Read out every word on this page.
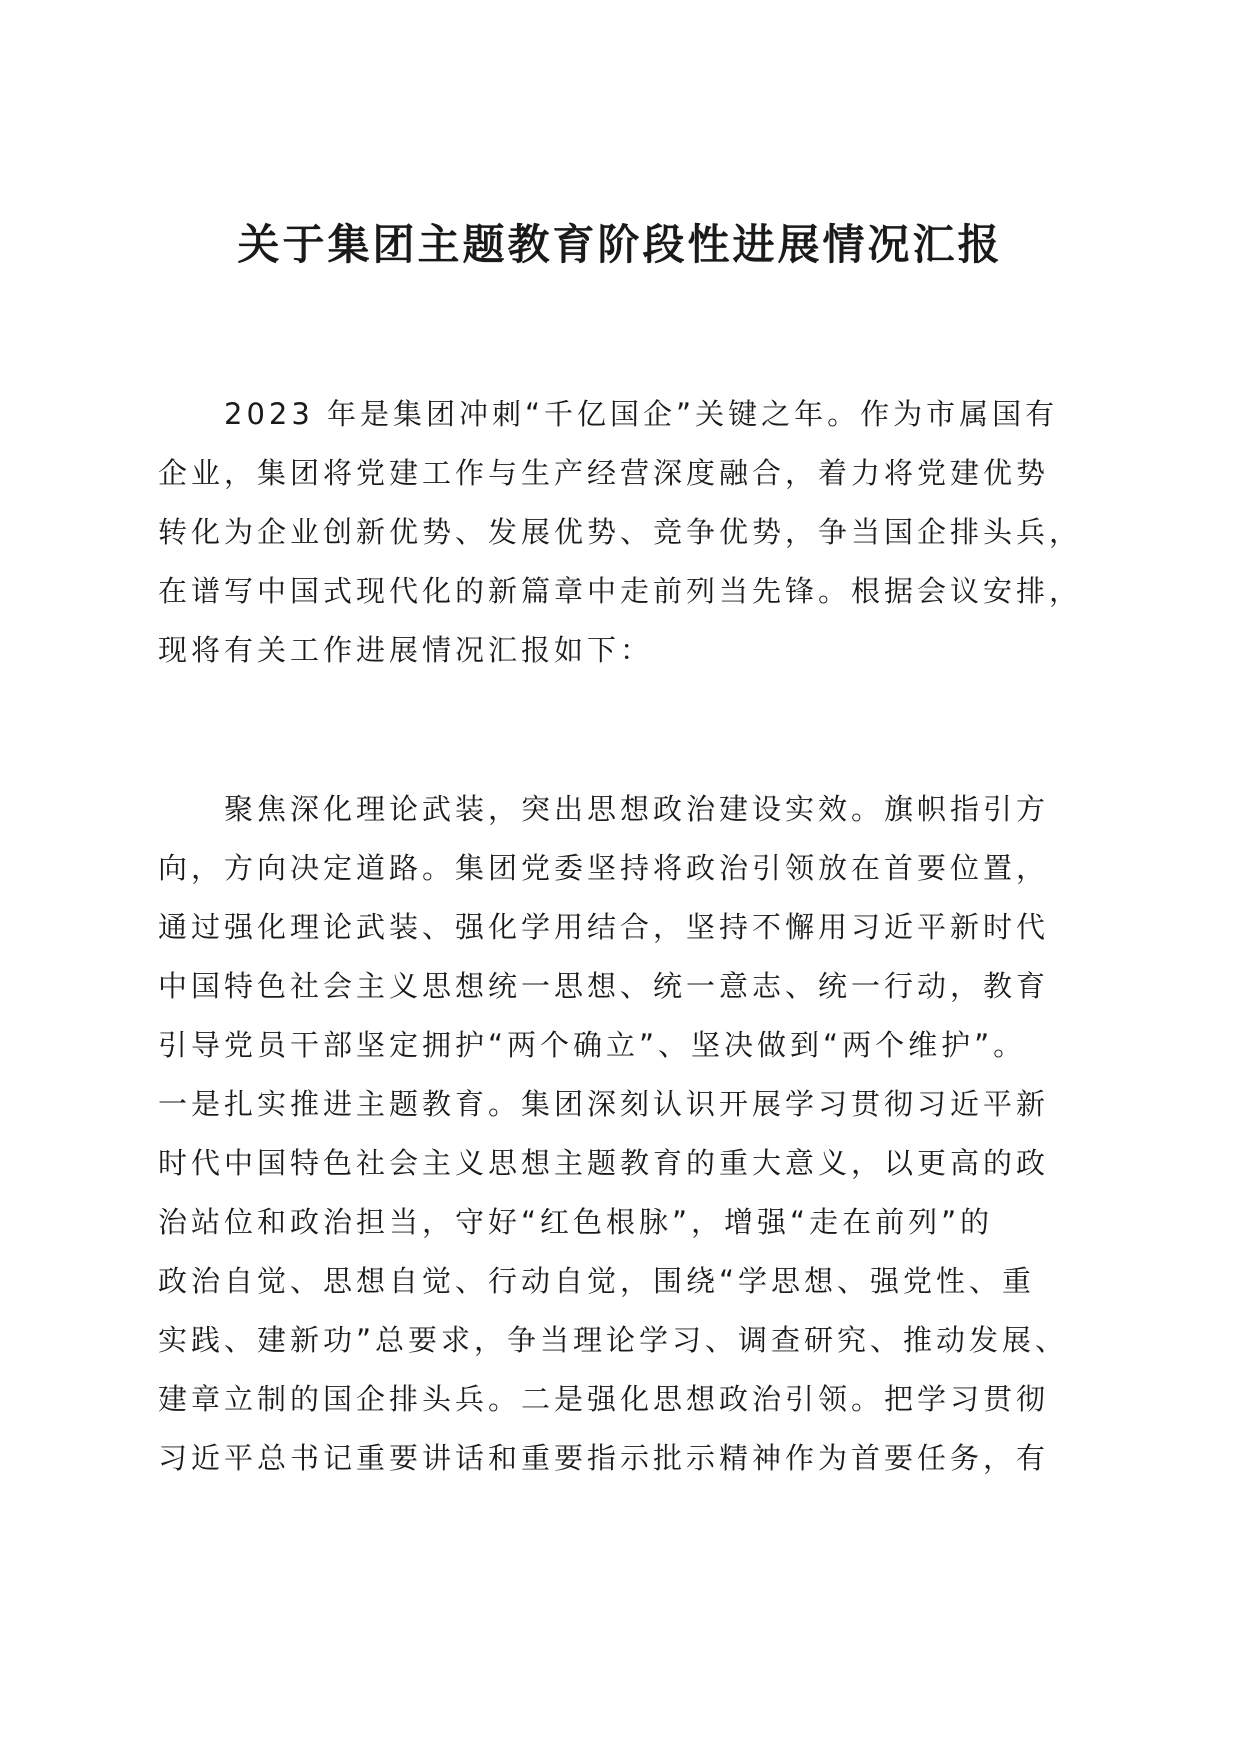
关于集团主题教育阶段性进展情况汇报
2023 年是集团冲刺“千亿国企”关键之年。作为市属国有
企业，集团将党建工作与生产经营深度融合，着力将党建优势
转化为企业创新优势、发展优势、竞争优势，争当国企排头兵，
在谱写中国式现代化的新篇章中走前列当先锋。根据会议安排，
现将有关工作进展情况汇报如下：
聚焦深化理论武装，突出思想政治建设实效。旗帜指引方
向，方向决定道路。集团党委坚持将政治引领放在首要位置，
通过强化理论武装、强化学用结合，坚持不懈用习近平新时代
中国特色社会主义思想统一思想、统一意志、统一行动，教育
引导党员干部坚定拥护“两个确立”、坚决做到“两个维护”。
一是扎实推进主题教育。集团深刻认识开展学习贯彻习近平新
时代中国特色社会主义思想主题教育的重大意义，以更高的政
治站位和政治担当，守好“红色根脉”，增强“走在前列”的
政治自觉、思想自觉、行动自觉，围绕“学思想、强党性、重
实践、建新功”总要求，争当理论学习、调查研究、推动发展、
建章立制的国企排头兵。二是强化思想政治引领。把学习贯彻
习近平总书记重要讲话和重要指示批示精神作为首要任务，有
